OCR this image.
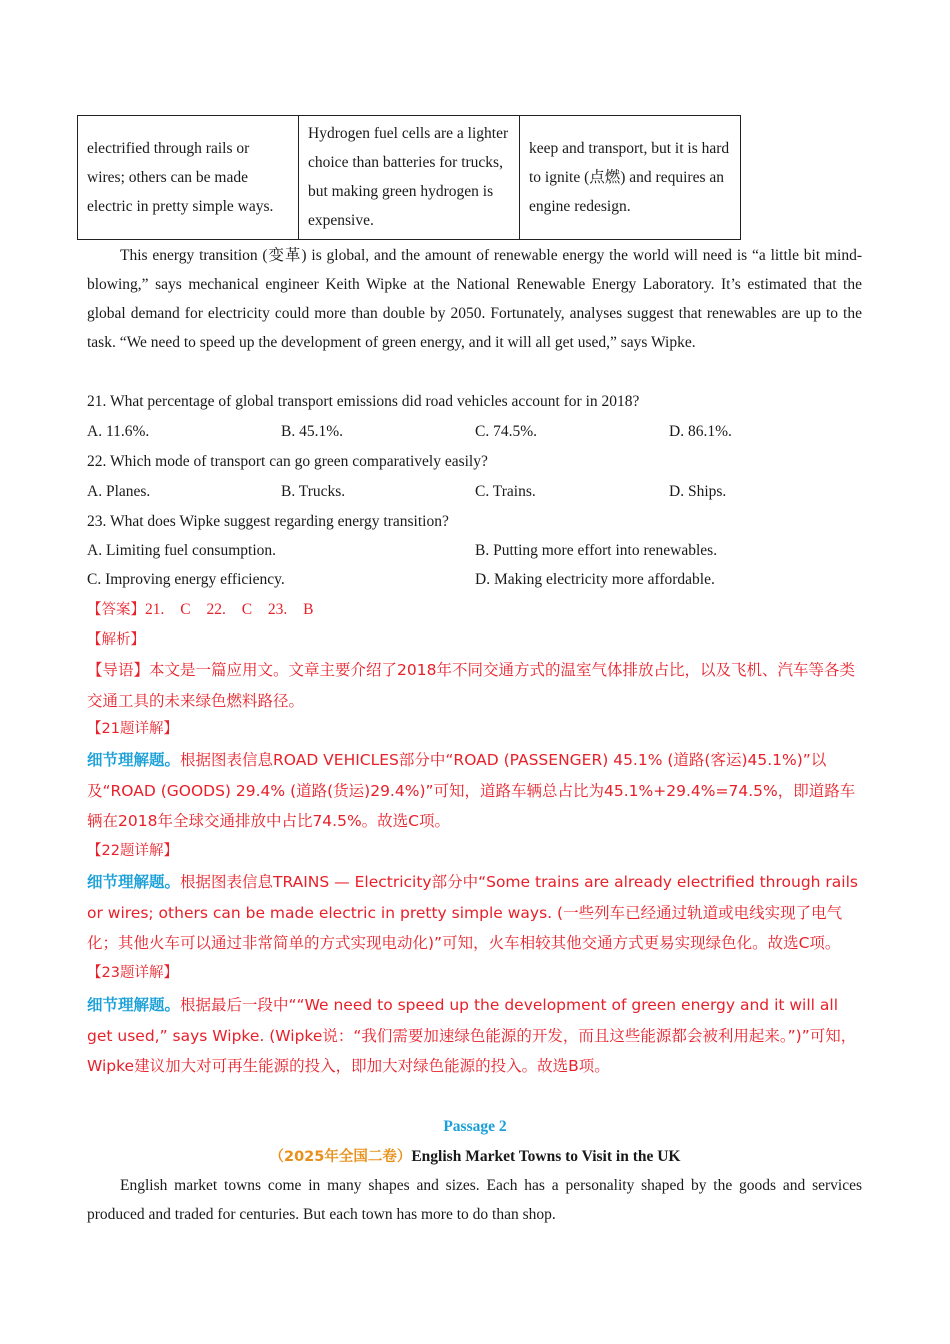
electrified through rails or wires; others can be made electric in pretty simple ways.	Hydrogen fuel cells are a lighter choice than batteries for trucks, but making green hydrogen is expensive.	keep and transport, but it is hard to ignite (点燃) and requires an engine redesign.
This energy transition (变革) is global, and the amount of renewable energy the world will need is “a little bit mind-blowing,” says mechanical engineer Keith Wipke at the National Renewable Energy Laboratory. It’s estimated that the global demand for electricity could more than double by 2050. Fortunately, analyses suggest that renewables are up to the task. “We need to speed up the development of green energy, and it will all get used,” says Wipke.
21. What percentage of global transport emissions did road vehicles account for in 2018?
A. 11.6%.	B. 45.1%.	C. 74.5%.	D. 86.1%.
22. Which mode of transport can go green comparatively easily?
A. Planes.	B. Trucks.	C. Trains.	D. Ships.
23. What does Wipke suggest regarding energy transition?
A. Limiting fuel consumption.	B. Putting more effort into renewables.
C. Improving energy efficiency.	D. Making electricity more affordable.
【答案】21. C 22. C 23. B
【解析】
【导语】本文是一篇应用文。文章主要介绍了2018年不同交通方式的温室气体排放占比，以及飞机、汽车等各类交通工具的未来绿色燃料路径。
【21题详解】
细节理解题。根据图表信息ROAD VEHICLES部分中“ROAD (PASSENGER) 45.1% (道路(客运)45.1%)”以及“ROAD (GOODS) 29.4% (道路(货运)29.4%)”可知，道路车辆总占比为45.1%+29.4%=74.5%，即道路车辆在2018年全球交通排放中占比74.5%。故选C项。
【22题详解】
细节理解题。根据图表信息TRAINS — Electricity部分中“Some trains are already electrified through rails or wires; others can be made electric in pretty simple ways. (一些列车已经通过轨道或电线实现了电气化；其他火车可以通过非常简单的方式实现电动化)”可知，火车相较其他交通方式更易实现绿色化。故选C项。
【23题详解】
细节理解题。根据最后一段中““We need to speed up the development of green energy and it will all get used,” says Wipke. (Wipke说：“我们需要加速绿色能源的开发，而且这些能源都会被利用起来。”)”可知，Wipke建议加大对可再生能源的投入，即加大对绿色能源的投入。故选B项。
Passage 2
（2025年全国二卷）English Market Towns to Visit in the UK
English market towns come in many shapes and sizes. Each has a personality shaped by the goods and services produced and traded for centuries. But each town has more to do than shop.
